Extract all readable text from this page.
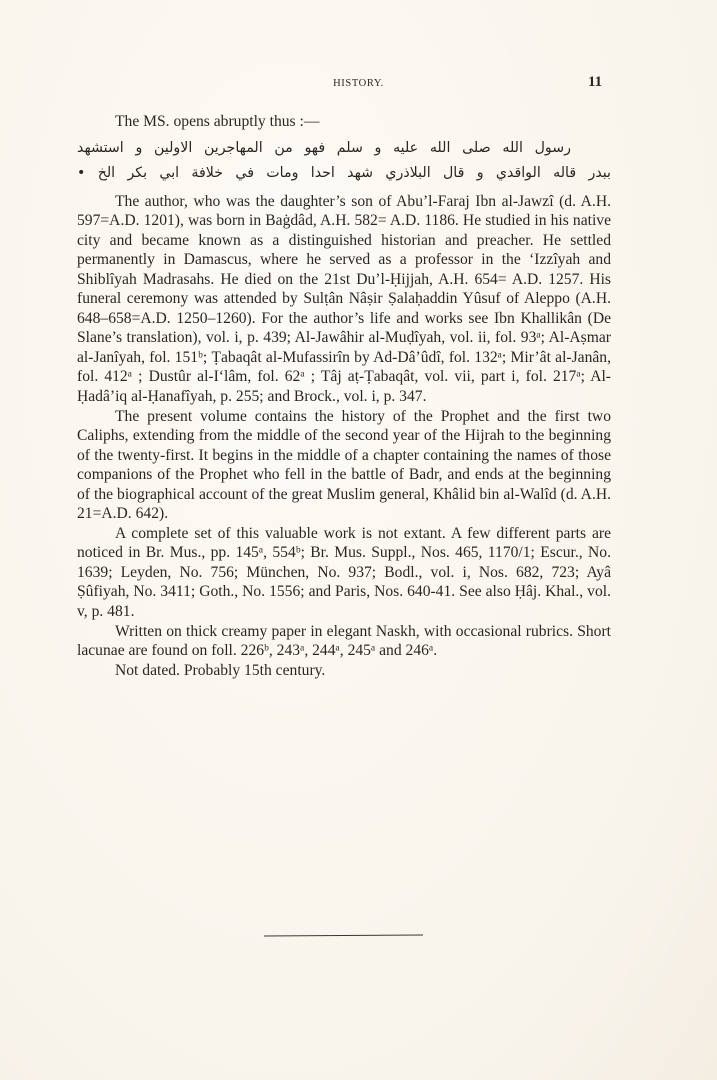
HISTORY.	11

The MS. opens abruptly thus :—

رسول الله صلى الله عليه و سلم فهو من المهاجرين الاولين و استشهد
ببدر قاله الواقدي و قال البلاذري شهد احدا ومات في خلافة ابي بكر الخ •

The author, who was the daughter’s son of Abu’l-Faraj Ibn al-Jawzî (d. A.H. 597=A.D. 1201), was born in Baġdâd, A.H. 582= A.D. 1186. He studied in his native city and became known as a distinguished historian and preacher. He settled permanently in Damascus, where he served as a professor in the ‘Izzîyah and Shiblîyah Madrasahs. He died on the 21st Du’l-Ḥijjah, A.H. 654= A.D. 1257. His funeral ceremony was attended by Sulṭân Nâṣir Ṣalaḥaddin Yûsuf of Aleppo (A.H. 648–658=A.D. 1250–1260). For the author’s life and works see Ibn Khallikân (De Slane’s translation), vol. i, p. 439; Al-Jawâhir al-Muḍîyah, vol. ii, fol. 93ᵃ; Al-Aṣmar al-Janîyah, fol. 151ᵇ; Ṭabaqât al-Mufassirîn by Ad-Dâ’ûdî, fol. 132ᵃ; Mir’ât al-Janân, fol. 412ᵃ ; Dustûr al-I‘lâm, fol. 62ᵃ ; Tâj aṭ-Ṭabaqât, vol. vii, part i, fol. 217ᵃ; Al-Ḥadâ’iq al-Ḥanafîyah, p. 255; and Brock., vol. i, p. 347.

The present volume contains the history of the Prophet and the first two Caliphs, extending from the middle of the second year of the Hijrah to the beginning of the twenty-first. It begins in the middle of a chapter containing the names of those companions of the Prophet who fell in the battle of Badr, and ends at the beginning of the biographical account of the great Muslim general, Khâlid bin al-Walîd (d. A.H. 21=A.D. 642).

A complete set of this valuable work is not extant. A few different parts are noticed in Br. Mus., pp. 145ᵃ, 554ᵇ; Br. Mus. Suppl., Nos. 465, 1170/1; Escur., No. 1639; Leyden, No. 756; München, No. 937; Bodl., vol. i, Nos. 682, 723; Ayâ Ṣûfiyah, No. 3411; Goth., No. 1556; and Paris, Nos. 640-41. See also Ḥâj. Khal., vol. v, p. 481.

Written on thick creamy paper in elegant Naskh, with occasional rubrics. Short lacunae are found on foll. 226ᵇ, 243ᵃ, 244ᵃ, 245ᵃ and 246ᵃ.

Not dated. Probably 15th century.
